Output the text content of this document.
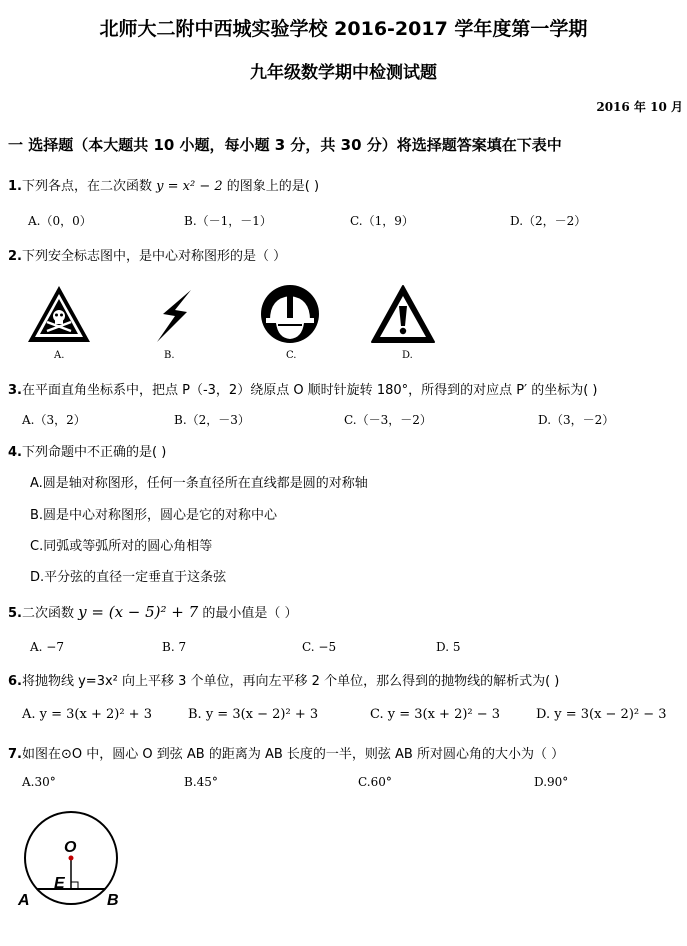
北师大二附中西城实验学校 2016-2017 学年度第一学期
九年级数学期中检测试题
2016 年 10 月
一 选择题（本大题共 10 小题，每小题 3 分，共 30 分）将选择题答案填在下表中
1.下列各点，在二次函数 y = x² − 2 的图象上的是( )
A.（0，0）	B.（－1，－1）	C.（1，9）	D.（2，－2）
2.下列安全标志图中，是中心对称图形的是（ ）
A.	B.	C.	D.
3.在平面直角坐标系中，把点 P（-3，2）绕原点 O 顺时针旋转 180°，所得到的对应点 P′ 的坐标为( )
A.（3，2）	B.（2，－3）	C.（－3，－2）	D.（3，－2）
4.下列命题中不正确的是( )
A.圆是轴对称图形，任何一条直径所在直线都是圆的对称轴
B.圆是中心对称图形，圆心是它的对称中心
C.同弧或等弧所对的圆心角相等
D.平分弦的直径一定垂直于这条弦
5.二次函数 y = (x − 5)² + 7 的最小值是（ ）
A. −7	B. 7	C. −5	D. 5
6.将抛物线 y=3x² 向上平移 3 个单位，再向左平移 2 个单位，那么得到的抛物线的解析式为( )
A. y = 3(x + 2)² + 3	B. y = 3(x − 2)² + 3	C. y = 3(x + 2)² − 3	D. y = 3(x − 2)² − 3
7.如图在⊙O 中，圆心 O 到弦 AB 的距离为 AB 长度的一半，则弦 AB 所对圆心角的大小为（ ）
A.30°	B.45°	C.60°	D.90°
O
E
A	B
